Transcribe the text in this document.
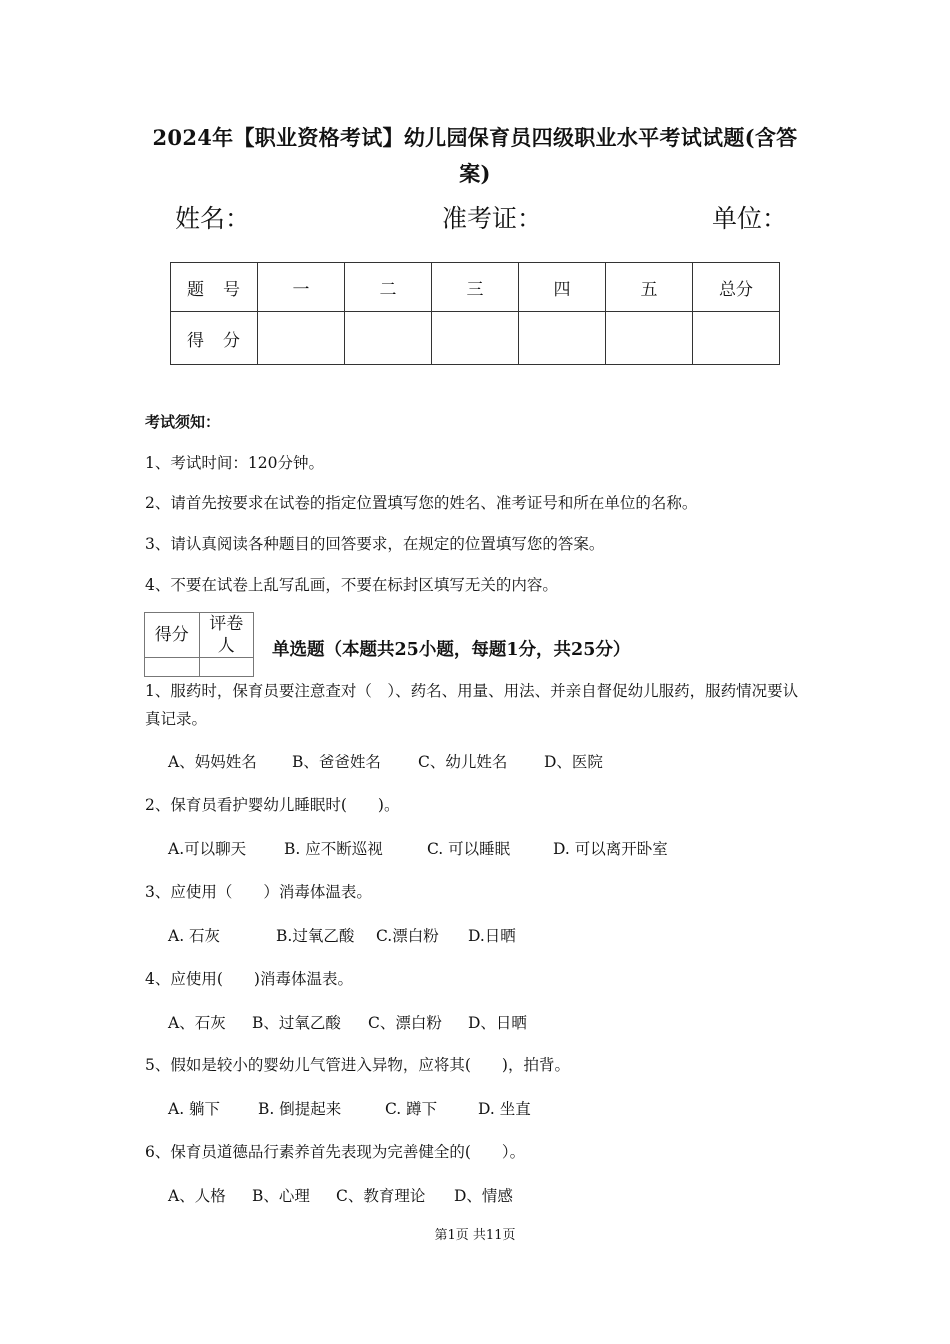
2024年【职业资格考试】幼儿园保育员四级职业水平考试试题(含答案)
姓名：	准考证：	单位：
题　号	一	二	三	四	五	总分
得　分						
考试须知：
1、考试时间：120分钟。
2、请首先按要求在试卷的指定位置填写您的姓名、准考证号和所在单位的名称。
3、请认真阅读各种题目的回答要求，在规定的位置填写您的答案。
4、不要在试卷上乱写乱画，不要在标封区填写无关的内容。
得分	评卷人
	单选题（本题共25小题，每题1分，共25分）
1、服药时，保育员要注意查对（　）、药名、用量、用法、并亲自督促幼儿服药，服药情况要认真记录。
A、妈妈姓名 B、爸爸姓名 C、幼儿姓名 D、医院
2、保育员看护婴幼儿睡眠时(　　)。
A.可以聊天 B. 应不断巡视	C. 可以睡眠	D. 可以离开卧室
3、应使用（　　）消毒体温表。
A. 石灰	B.过氧乙酸 C.漂白粉 D.日晒
4、应使用(　　)消毒体温表。
A、石灰 B、过氧乙酸 C、漂白粉 D、日晒
5、假如是较小的婴幼儿气管进入异物，应将其(　　)，拍背。
A. 躺下 B. 倒提起来	C. 蹲下	D. 坐直
6、保育员道德品行素养首先表现为完善健全的(　　）。
A、人格 B、心理 C、教育理论 D、情感
第1页 共11页
